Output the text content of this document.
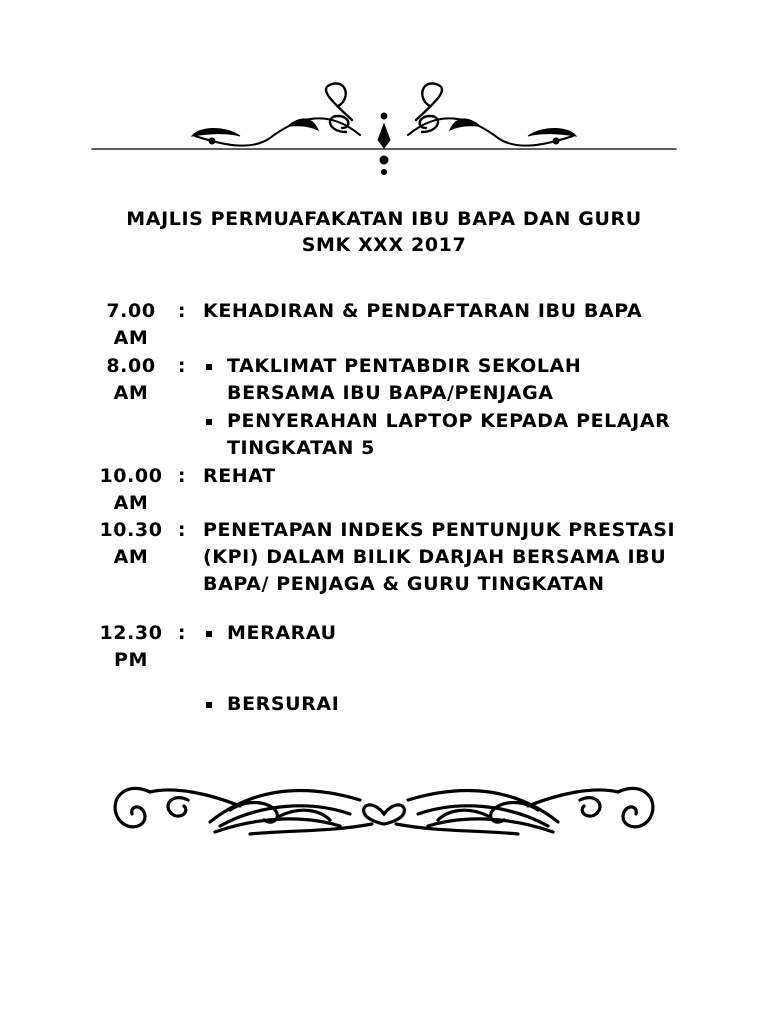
MAJLIS PERMUAFAKATAN IBU BAPA DAN GURU
SMK XXX 2017
7.00
AM
: KEHADIRAN & PENDAFTARAN IBU BAPA
8.00
AM
: TAKLIMAT PENTABDIR SEKOLAH
BERSAMA IBU BAPA/PENJAGA
PENYERAHAN LAPTOP KEPADA PELAJAR
TINGKATAN 5
10.00
AM
: REHAT
10.30
AM
: PENETAPAN INDEKS PENTUNJUK PRESTASI
(KPI) DALAM BILIK DARJAH BERSAMA IBU
BAPA/ PENJAGA & GURU TINGKATAN
12.30
PM
: MERARAU
BERSURAI
